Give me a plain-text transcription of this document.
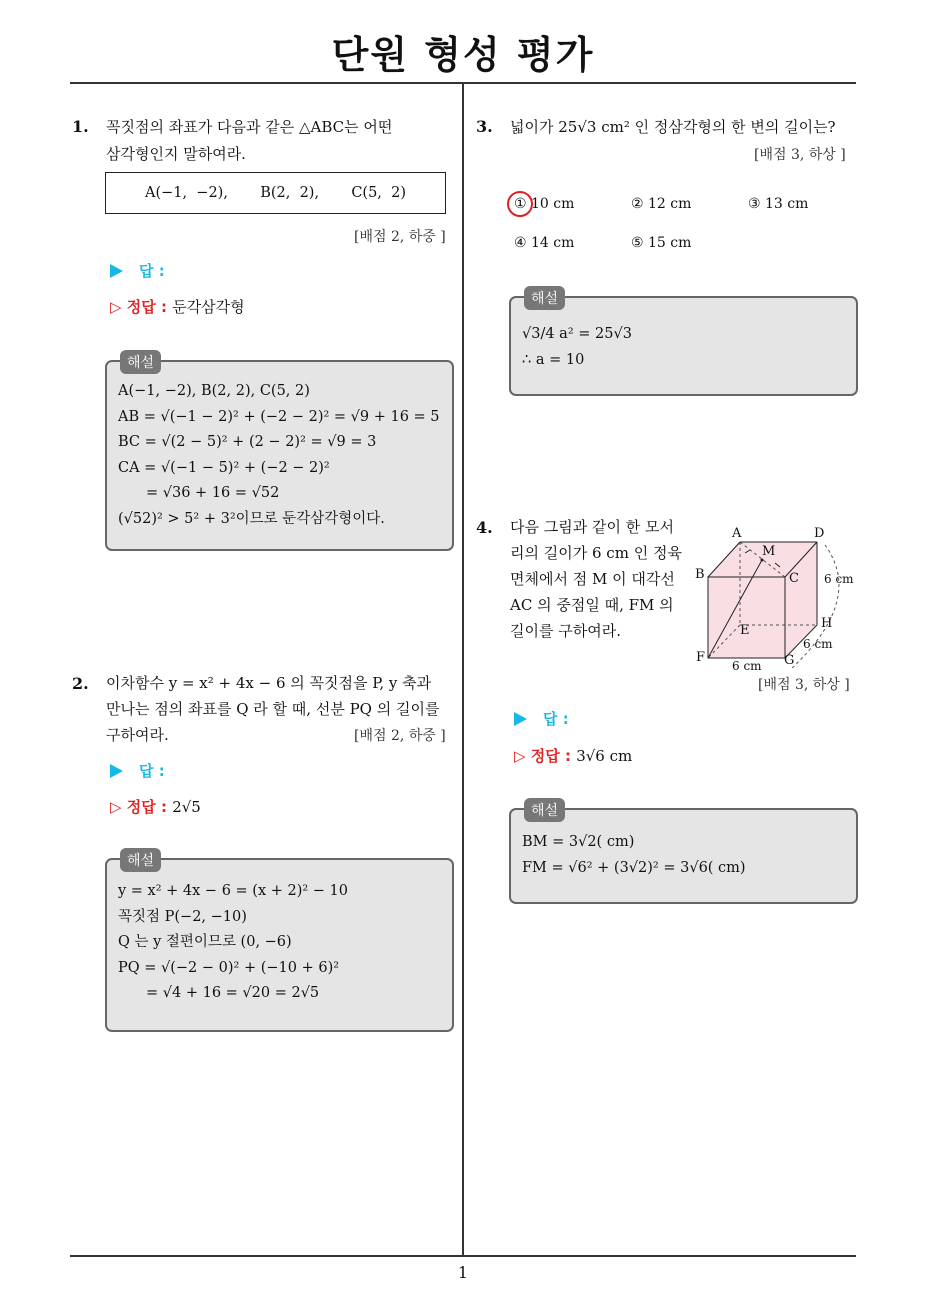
단원 형성 평가
1
1. 꼭짓점의 좌표가 다음과 같은 △ABC는 어떤
삼각형인지 말하여라.
A(−1,  −2),       B(2,  2),       C(5,  2)
[배점 2, 하중 ]
답 :
▷ 정답 : 둔각삼각형
해설
A(−1, −2), B(2, 2), C(5, 2)
AB = √(−1 − 2)² + (−2 − 2)² = √9 + 16 = 5
BC = √(2 − 5)² + (2 − 2)² = √9 = 3
CA = √(−1 − 5)² + (−2 − 2)²
= √36 + 16 = √52
(√52)² > 5² + 3²이므로 둔각삼각형이다.
2. 이차함수 y = x² + 4x − 6 의 꼭짓점을 P, y 축과
만나는 점의 좌표를 Q 라 할 때, 선분 PQ 의 길이를
구하여라.	[배점 2, 하중 ]
답 :
▷ 정답 : 2√5
해설
y = x² + 4x − 6 = (x + 2)² − 10
꼭짓점 P(−2, −10)
Q 는 y 절편이므로 (0, −6)
PQ = √(−2 − 0)² + (−10 + 6)²
= √4 + 16 = √20 = 2√5
3. 넓이가 25√3 cm² 인 정삼각형의 한 변의 길이는?
[배점 3, 하상 ]
① 10 cm	② 12 cm	③ 13 cm
④ 14 cm	⑤ 15 cm
해설
√3/4 a² = 25√3
∴ a = 10
4. 다음 그림과 같이 한 모서
리의 길이가 6 cm 인 정육
면체에서 점 M 이 대각선
AC 의 중점일 때, FM 의
길이를 구하여라.
A	D
M
B	C
E	H
F	G
6 cm
6 cm
6 cm
[배점 3, 하상 ]
답 :
▷ 정답 : 3√6 cm
해설
BM = 3√2( cm)
FM = √6² + (3√2)² = 3√6( cm)
